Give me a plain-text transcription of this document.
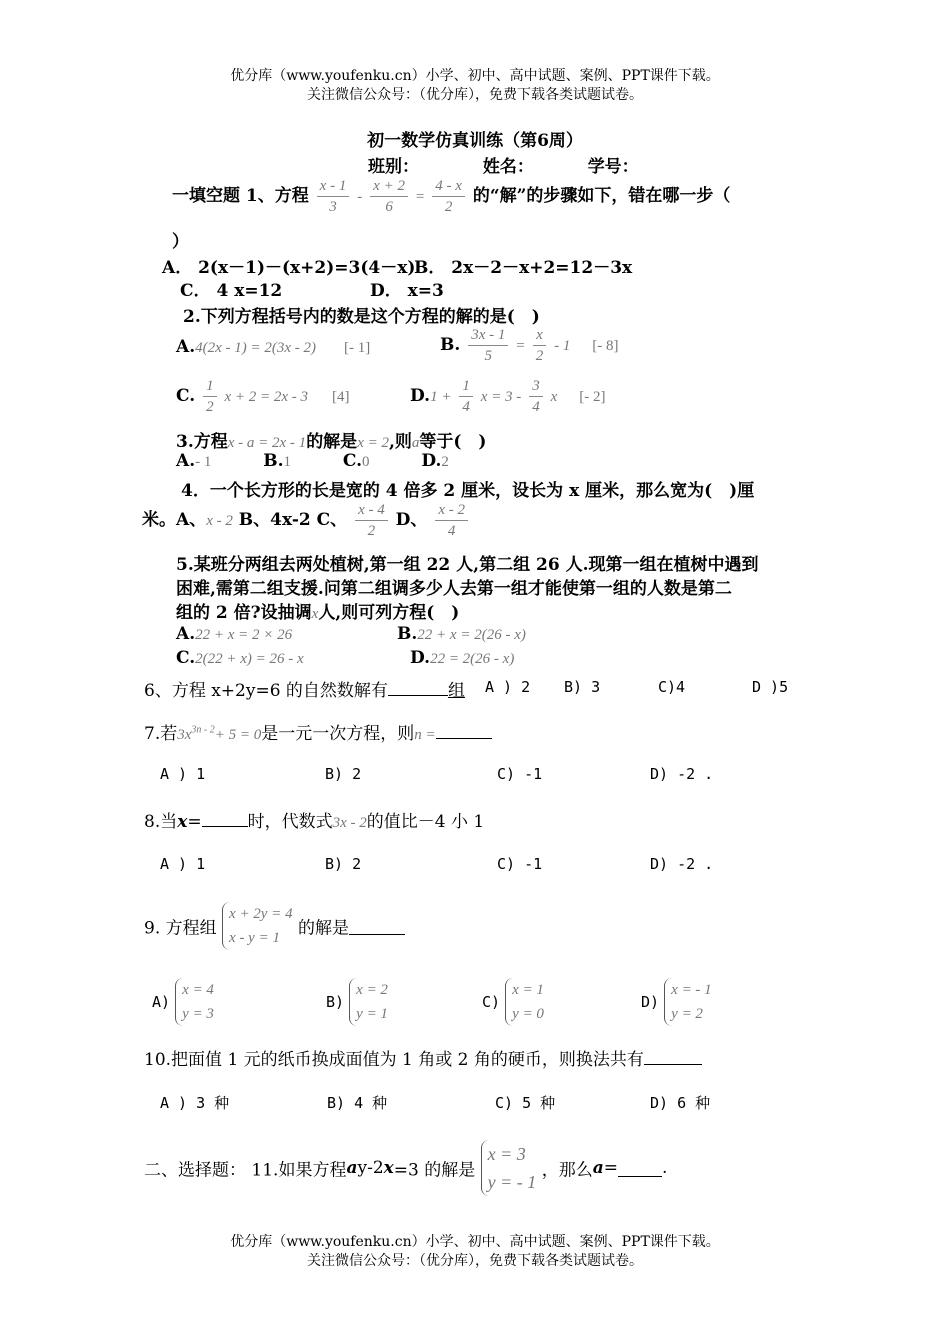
优分库（www.youfenku.cn）小学、初中、高中试题、案例、PPT课件下载。
关注微信公众号：（优分库），免费下载各类试题试卷。
初一数学仿真训练（第6周）
班别：	姓名：	学号：
一填空题 1、方程 $\frac{x - 1}{3} - \frac{x + 2}{6} = \frac{4 - x}{2}$ 的“解”的步骤如下，错在哪一步（
）
A． 2(x－1)－(x+2)=3(4－x)
B． 2x－2－x+2=12－3x
C． 4 x=12	D． x=3
2.下列方程括号内的数是这个方程的解的是(　)
A.4(2x - 1) = 2(3x - 2) [- 1]	B. $\frac{3x - 1}{5} = \frac{x}{2} - 1$ [- 8]
C. $\frac{1}{2}$ x + 2 = 2x - 3 [4]	$D.1 + \frac{1}{4}$ $x = 3 - \frac{3}{4}$ x [- 2]
3.方程x - a = 2x - 1的解是x = 2,则a等于(　)
A.- 1	B.1	C.0	D.2
4．一个长方形的长是宽的 4 倍多 2 厘米，设长为 x 厘米，那么宽为(　)厘
米。A、x - 2 B、4x-2 C、 $\frac{x - 4}{2}$ D、 $\frac{x - 2}{4}$
5.某班分两组去两处植树,第一组 22 人,第二组 26 人.现第一组在植树中遇到
困难,需第二组支援.问第二组调多少人去第一组才能使第一组的人数是第二
组的 2 倍?设抽调x人,则可列方程(　)
A.22 + x = 2 × 26	B.22 + x = 2(26 - x)
C.2(22 + x) = 26 - x	D.22 = 2(26 - x)
6、方程 x+2y=6 的自然数解有	组 A ) 2 B) 3	C)4	D )5
7.若$3x^{3n - 2}+ 5 = 0$是一元一次方程，则n =
A ) 1	B) 2	C) -1	D) -2 .
8.当x=	时，代数式3x - 2的值比－4 小 1
A ) 1	B) 2	C) -1	D) -2 .
9. 方程组
x + 2y = 4
x - y = 1	的解是
A)
x = 4
y = 3
B)
x = 2
y = 1
C)
x = 1
y = 0
D)
x = - 1
y = 2
10.把面值 1 元的纸币换成面值为 1 角或 2 角的硬币，则换法共有
A ) 3 种	B) 4 种	C) 5 种	D) 6 种
二、选择题： 11.如果方程ay-2x=3 的解是
x = 3
y = - 1
，那么a=	.
优分库（www.youfenku.cn）小学、初中、高中试题、案例、PPT课件下载。
关注微信公众号：（优分库），免费下载各类试题试卷。
